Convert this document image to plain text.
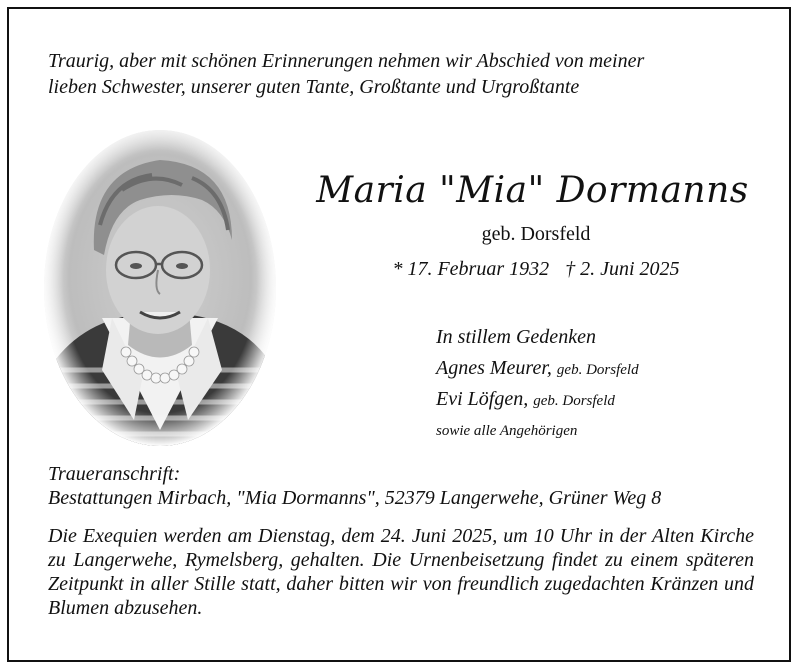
Traurig, aber mit schönen Erinnerungen nehmen wir Abschied von meiner
lieben Schwester, unserer guten Tante, Großtante und Urgroßtante
Maria "Mia" Dormanns
geb. Dorsfeld
* 17. Februar 1932 † 2. Juni 2025
In stillem Gedenken
Agnes Meurer, geb. Dorsfeld
Evi Löfgen, geb. Dorsfeld
sowie alle Angehörigen
Traueranschrift:
Bestattungen Mirbach, "Mia Dormanns", 52379 Langerwehe, Grüner Weg 8
Die Exequien werden am Dienstag, dem 24. Juni 2025, um 10 Uhr in der Alten Kirche zu Langerwehe, Rymelsberg, gehalten. Die Urnenbeisetzung findet zu einem späteren Zeitpunkt in aller Stille statt, daher bitten wir von freundlich zugedachten Kränzen und Blumen abzusehen.
